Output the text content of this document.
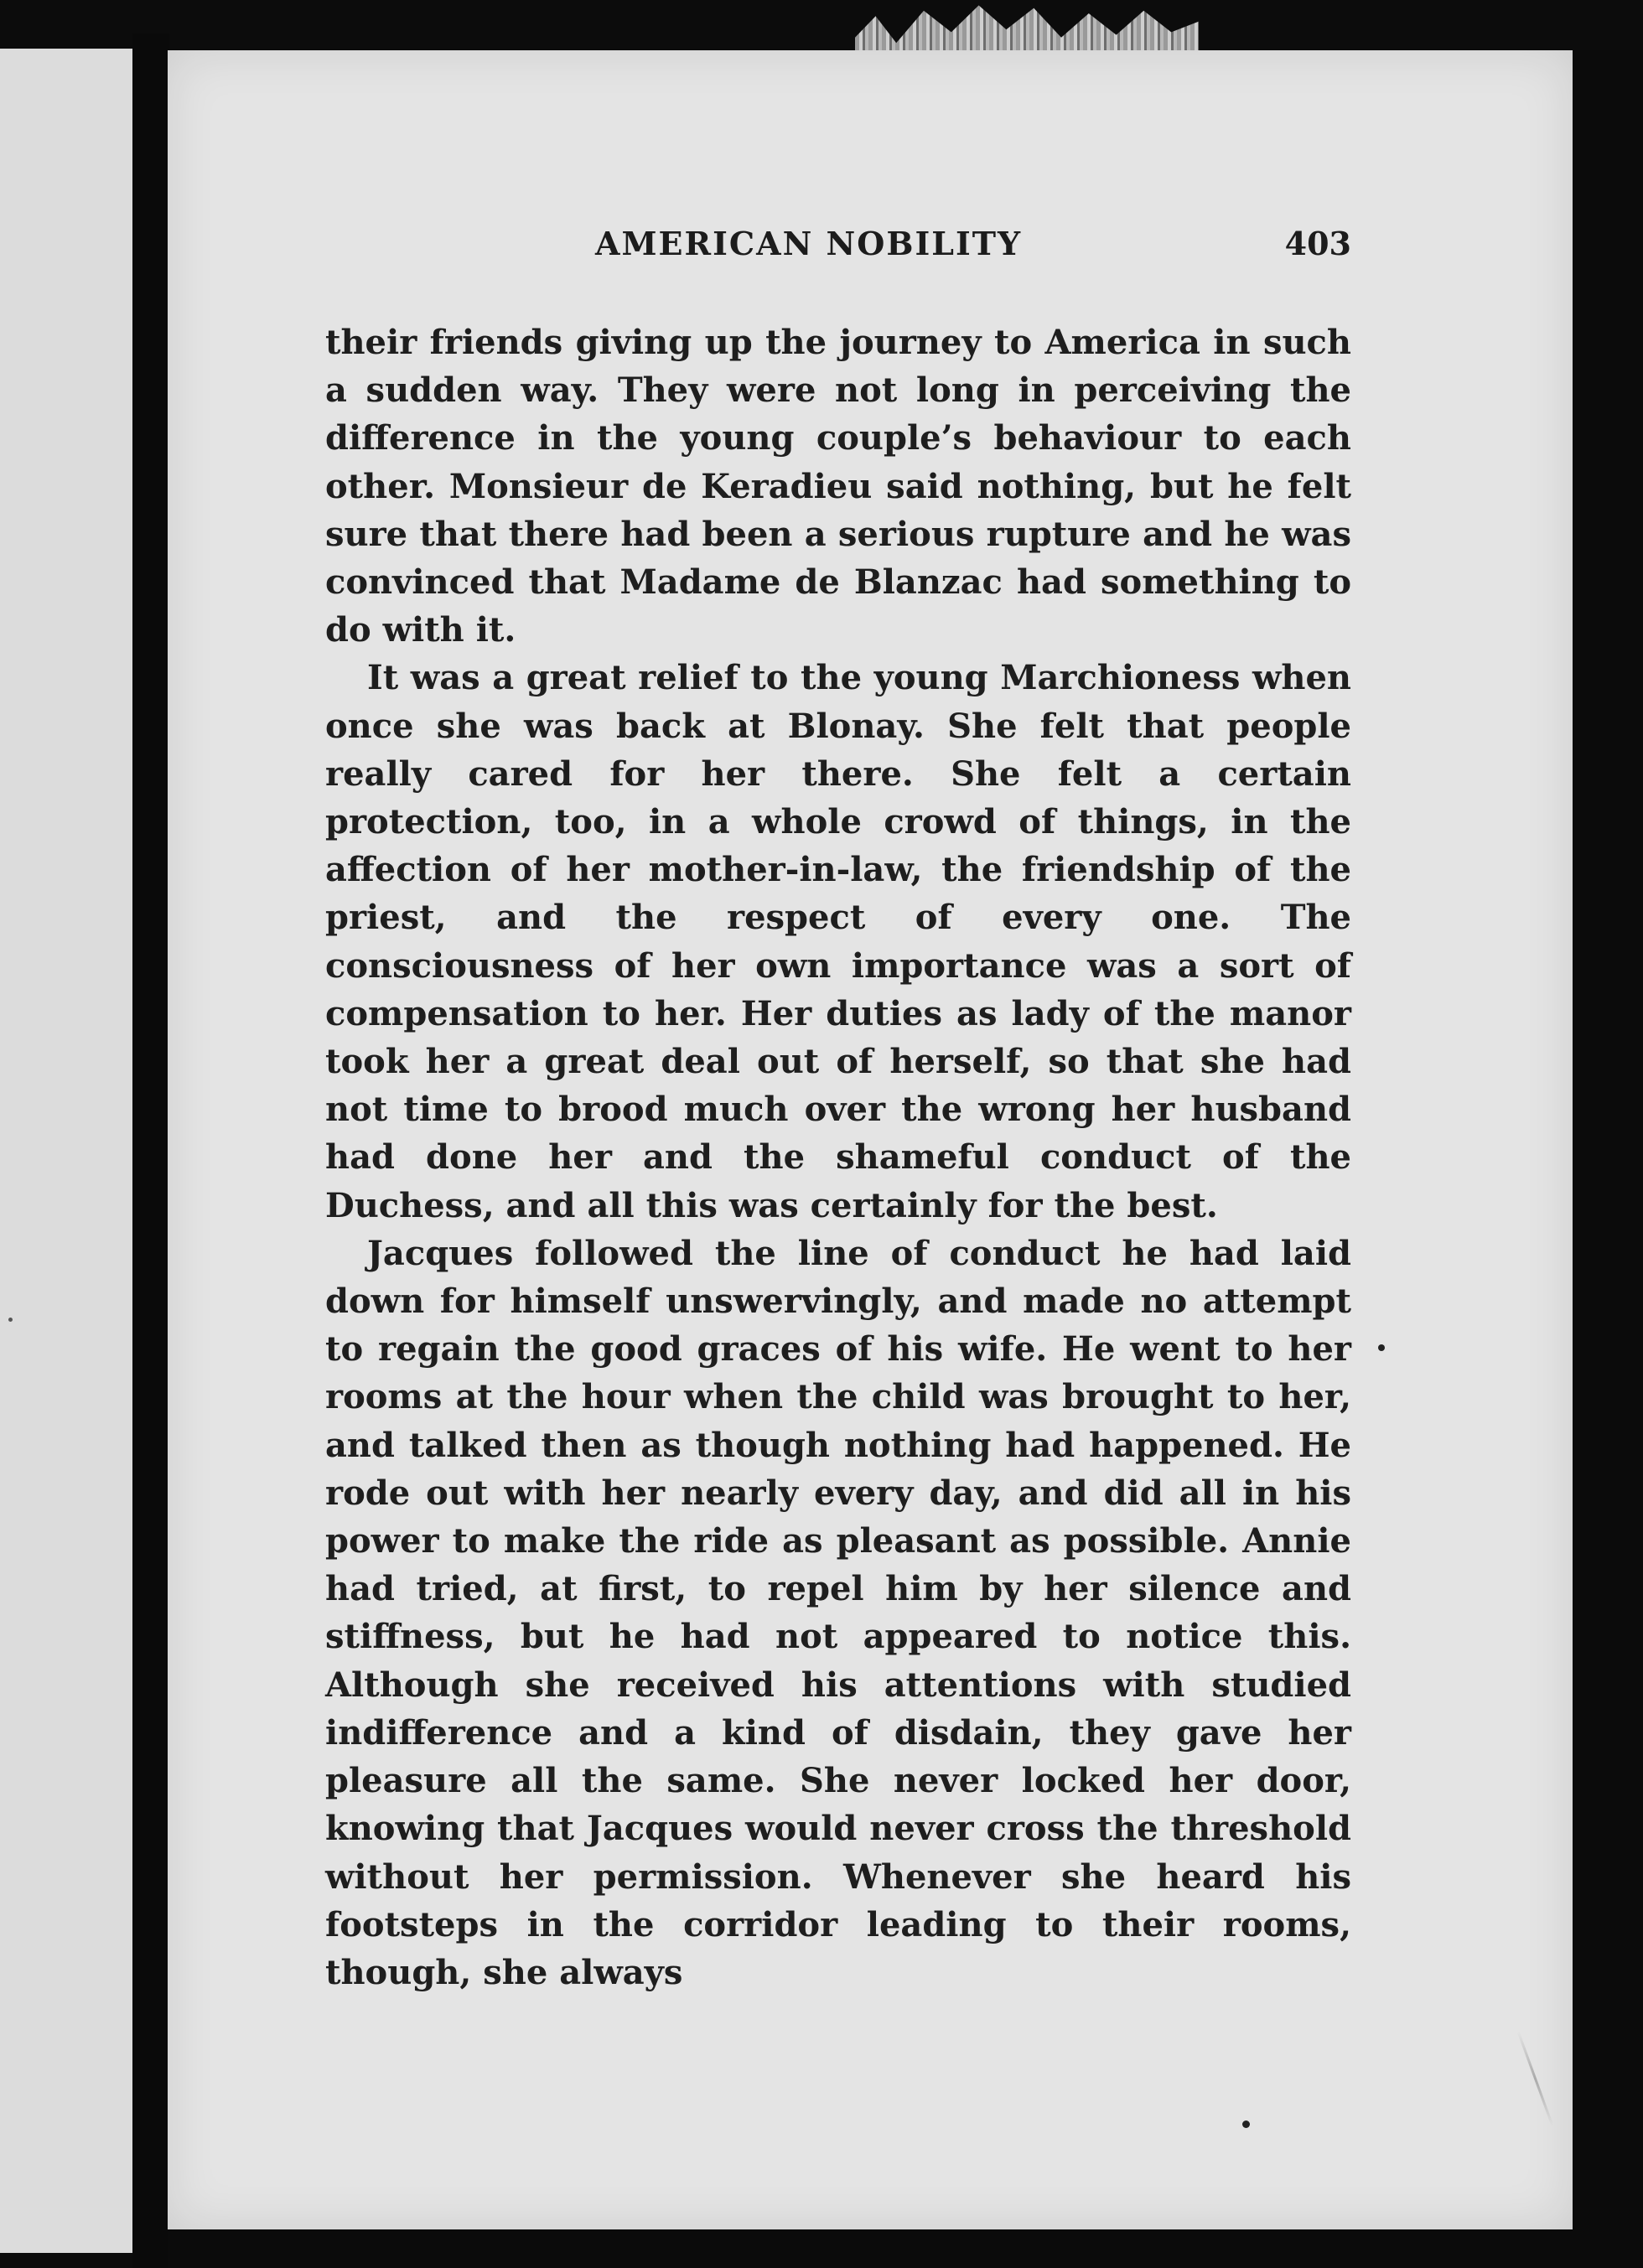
AMERICAN NOBILITY	403

their friends giving up the journey to America in such a sudden way. They were not long in perceiving the difference in the young couple’s behaviour to each other. Monsieur de Keradieu said nothing, but he felt sure that there had been a serious rupture and he was convinced that Madame de Blanzac had something to do with it.

It was a great relief to the young Marchioness when once she was back at Blonay. She felt that people really cared for her there. She felt a certain protection, too, in a whole crowd of things, in the affection of her mother-in-law, the friendship of the priest, and the respect of every one. The consciousness of her own importance was a sort of compensation to her. Her duties as lady of the manor took her a great deal out of herself, so that she had not time to brood much over the wrong her husband had done her and the shameful conduct of the Duchess, and all this was certainly for the best.

Jacques followed the line of conduct he had laid down for himself unswervingly, and made no attempt to regain the good graces of his wife. He went to her rooms at the hour when the child was brought to her, and talked then as though nothing had happened. He rode out with her nearly every day, and did all in his power to make the ride as pleasant as possible. Annie had tried, at first, to repel him by her silence and stiffness, but he had not appeared to notice this. Although she received his attentions with studied indifference and a kind of disdain, they gave her pleasure all the same. She never locked her door, knowing that Jacques would never cross the threshold without her permission. Whenever she heard his footsteps in the corridor leading to their rooms, though, she always
